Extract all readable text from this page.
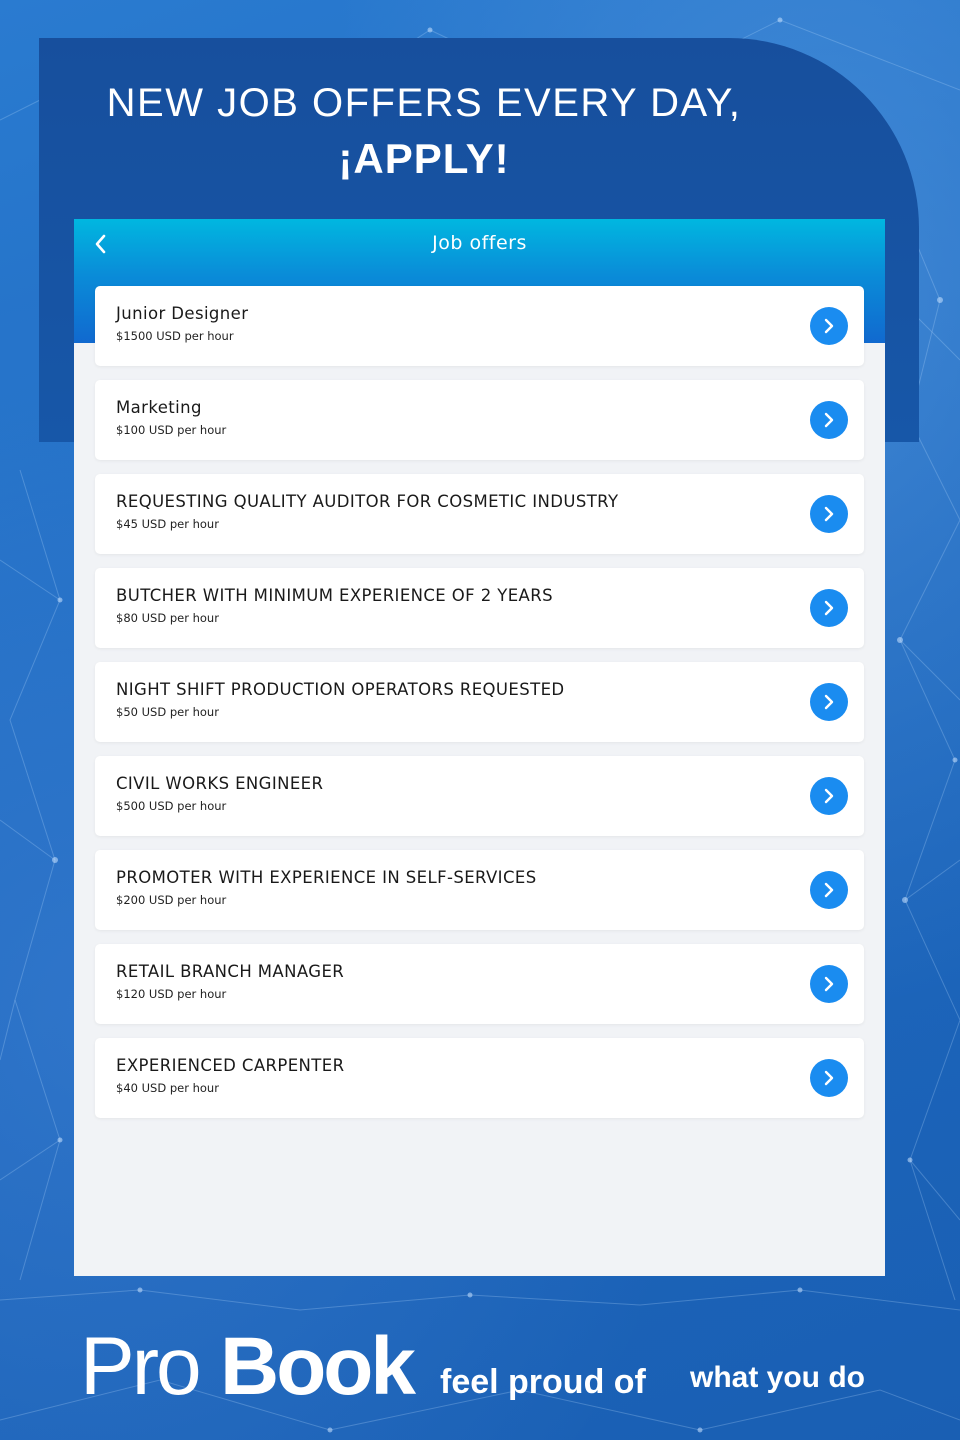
NEW JOB OFFERS EVERY DAY,
¡APPLY!
Job offers
Junior Designer
$1500 USD per hour
Marketing
$100 USD per hour
REQUESTING QUALITY AUDITOR FOR COSMETIC INDUSTRY
$45 USD per hour
BUTCHER WITH MINIMUM EXPERIENCE OF 2 YEARS
$80 USD per hour
NIGHT SHIFT PRODUCTION OPERATORS REQUESTED
$50 USD per hour
CIVIL WORKS ENGINEER
$500 USD per hour
PROMOTER WITH EXPERIENCE IN SELF-SERVICES
$200 USD per hour
RETAIL BRANCH MANAGER
$120 USD per hour
EXPERIENCED CARPENTER
$40 USD per hour
Pro Book feel proud of what you do
